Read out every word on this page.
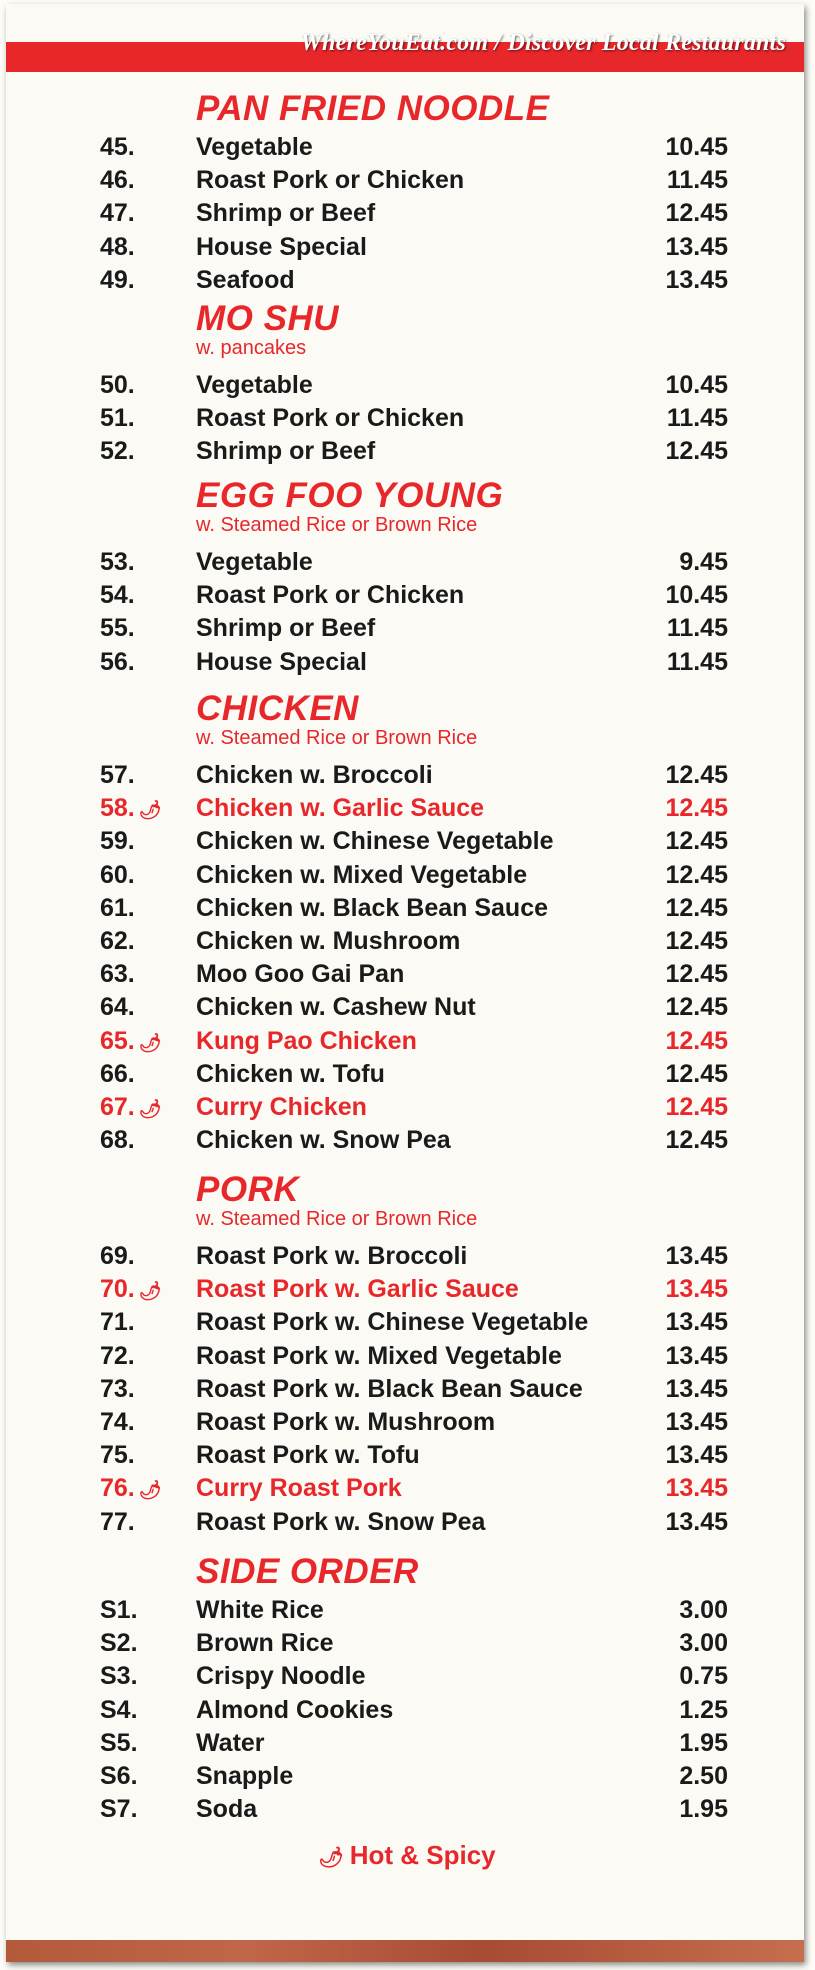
WhereYouEat.com / Discover Local Restaurants
PAN FRIED NOODLE
45. Vegetable	10.45
46. Roast Pork or Chicken	11.45
47. Shrimp or Beef	12.45
48. House Special	13.45
49. Seafood	13.45
MO SHU
w. pancakes
50. Vegetable	10.45
51. Roast Pork or Chicken	11.45
52. Shrimp or Beef	12.45
EGG FOO YOUNG
w. Steamed Rice or Brown Rice
53. Vegetable	9.45
54. Roast Pork or Chicken	10.45
55. Shrimp or Beef	11.45
56. House Special	11.45
CHICKEN
w. Steamed Rice or Brown Rice
57. Chicken w. Broccoli	12.45
58. 🌶 Chicken w. Garlic Sauce	12.45
59. Chicken w. Chinese Vegetable	12.45
60. Chicken w. Mixed Vegetable	12.45
61. Chicken w. Black Bean Sauce	12.45
62. Chicken w. Mushroom	12.45
63. Moo Goo Gai Pan	12.45
64. Chicken w. Cashew Nut	12.45
65. 🌶 Kung Pao Chicken	12.45
66. Chicken w. Tofu	12.45
67. 🌶 Curry Chicken	12.45
68. Chicken w. Snow Pea	12.45
PORK
w. Steamed Rice or Brown Rice
69. Roast Pork w. Broccoli	13.45
70. 🌶 Roast Pork w. Garlic Sauce	13.45
71. Roast Pork w. Chinese Vegetable	13.45
72. Roast Pork w. Mixed Vegetable	13.45
73. Roast Pork w. Black Bean Sauce	13.45
74. Roast Pork w. Mushroom	13.45
75. Roast Pork w. Tofu	13.45
76. 🌶 Curry Roast Pork	13.45
77. Roast Pork w. Snow Pea	13.45
SIDE ORDER
S1. White Rice	3.00
S2. Brown Rice	3.00
S3. Crispy Noodle	0.75
S4. Almond Cookies	1.25
S5. Water	1.95
S6. Snapple	2.50
S7. Soda	1.95
🌶 Hot & Spicy
